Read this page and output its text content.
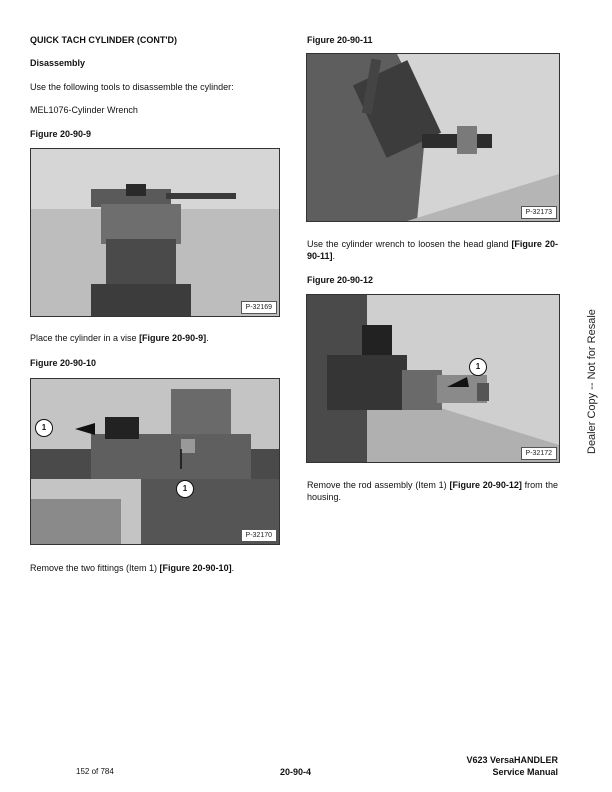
QUICK TACH CYLINDER (CONT'D)
Disassembly
Use the following tools to disassemble the cylinder:
MEL1076-Cylinder Wrench
Figure 20-90-9
P-32169
Place the cylinder in a vise [Figure 20-90-9].
Figure 20-90-10
1
1
P-32170
Remove the two fittings (Item 1) [Figure 20-90-10].
Figure 20-90-11
P-32173
Use the cylinder wrench to loosen the head gland [Figure 20-90-11].
Figure 20-90-12
1
P-32172
Remove the rod assembly (Item 1) [Figure 20-90-12] from the housing.
Dealer Copy -- Not for Resale
152 of 784	20-90-4
V623 VersaHANDLER
Service Manual
